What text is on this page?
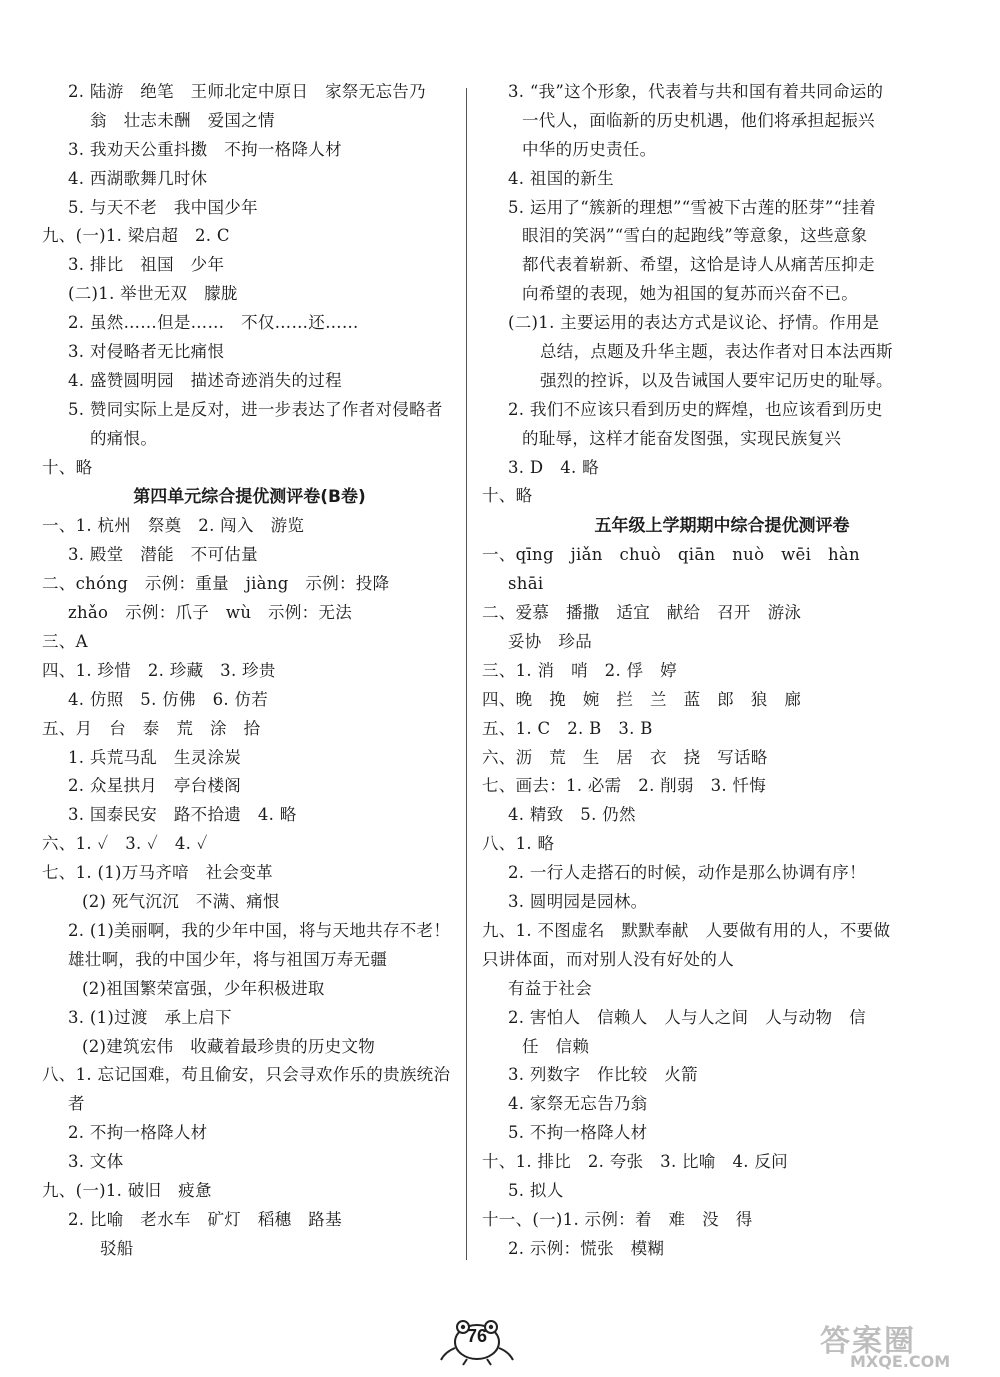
2. 陆游　绝笔　王师北定中原日　家祭无忘告乃
翁　壮志未酬　爱国之情
3. 我劝天公重抖擞　不拘一格降人材
4. 西湖歌舞几时休
5. 与天不老　我中国少年
九、(一)1. 梁启超　2. C
3. 排比　祖国　少年
(二)1. 举世无双　朦胧
2. 虽然……但是……　不仅……还……
3. 对侵略者无比痛恨
4. 盛赞圆明园　描述奇迹消失的过程
5. 赞同实际上是反对，进一步表达了作者对侵略者
的痛恨。
十、略
第四单元综合提优测评卷(B卷)
一、1. 杭州　祭奠　2. 闯入　游览
3. 殿堂　潜能　不可估量
二、chóng　示例：重量　jiàng　示例：投降
zhǎo　示例：爪子　wù　示例：无法
三、A
四、1. 珍惜　2. 珍藏　3. 珍贵
4. 仿照　5. 仿佛　6. 仿若
五、月　台　泰　荒　涂　拾
1. 兵荒马乱　生灵涂炭
2. 众星拱月　亭台楼阁
3. 国泰民安　路不拾遗　4. 略
六、1. ✓　3. ✓　4. ✓
七、1. (1)万马齐喑　社会变革
(2) 死气沉沉　不满、痛恨
2. (1)美丽啊，我的少年中国，将与天地共存不老！
雄壮啊，我的中国少年，将与祖国万寿无疆
(2)祖国繁荣富强，少年积极进取
3. (1)过渡　承上启下
(2)建筑宏伟　收藏着最珍贵的历史文物
八、1. 忘记国难，苟且偷安，只会寻欢作乐的贵族统治
者
2. 不拘一格降人材
3. 文体
九、(一)1. 破旧　疲惫
2. 比喻　老水车　矿灯　稻穗　路基
驳船
3. “我”这个形象，代表着与共和国有着共同命运的
一代人，面临新的历史机遇，他们将承担起振兴
中华的历史责任。
4. 祖国的新生
5. 运用了“簇新的理想”“雪被下古莲的胚芽”“挂着
眼泪的笑涡”“雪白的起跑线”等意象，这些意象
都代表着崭新、希望，这恰是诗人从痛苦压抑走
向希望的表现，她为祖国的复苏而兴奋不已。
(二)1. 主要运用的表达方式是议论、抒情。作用是
总结，点题及升华主题，表达作者对日本法西斯
强烈的控诉，以及告诫国人要牢记历史的耻辱。
2. 我们不应该只看到历史的辉煌，也应该看到历史
的耻辱，这样才能奋发图强，实现民族复兴
3. D　4. 略
十、略
五年级上学期期中综合提优测评卷
一、qīng　jiǎn　chuò　qiān　nuò　wēi　hàn
shāi
二、爱慕　播撒　适宜　献给　召开　游泳
妥协　珍品
三、1. 消　哨　2. 俘　婷
四、晚　挽　婉　拦　兰　蓝　郎　狼　廊
五、1. C　2. B　3. B
六、沥　荒　生　居　衣　挠　写话略
七、画去：1. 必需　2. 削弱　3. 忏悔
4. 精致　5. 仍然
八、1. 略
2. 一行人走搭石的时候，动作是那么协调有序！
3. 圆明园是园林。
九、1. 不图虚名　默默奉献　人要做有用的人，不要做
只讲体面，而对别人没有好处的人
有益于社会
2. 害怕人　信赖人　人与人之间　人与动物　信
任　信赖
3. 列数字　作比较　火箭
4. 家祭无忘告乃翁
5. 不拘一格降人材
十、1. 排比　2. 夸张　3. 比喻　4. 反问
5. 拟人
十一、(一)1. 示例：着　难　没　得
2. 示例：慌张　模糊
76	答案圈
MXQE.COM
